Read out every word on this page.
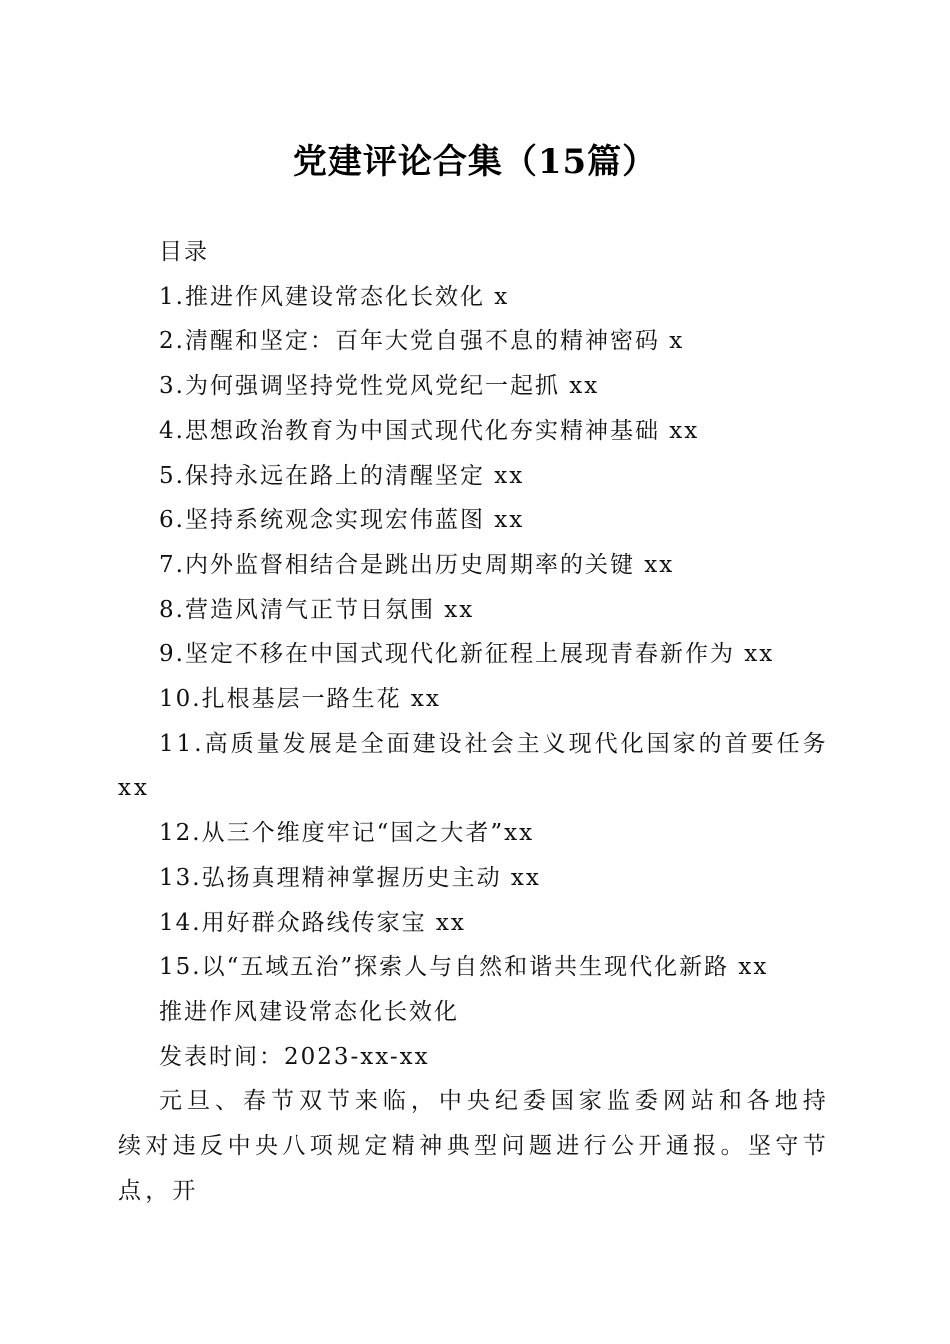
党建评论合集（15篇）
目录
1.推进作风建设常态化长效化 x
2.清醒和坚定：百年大党自强不息的精神密码 x
3.为何强调坚持党性党风党纪一起抓 xx
4.思想政治教育为中国式现代化夯实精神基础 xx
5.保持永远在路上的清醒坚定 xx
6.坚持系统观念实现宏伟蓝图 xx
7.内外监督相结合是跳出历史周期率的关键 xx
8.营造风清气正节日氛围 xx
9.坚定不移在中国式现代化新征程上展现青春新作为 xx
10.扎根基层一路生花 xx
11.高质量发展是全面建设社会主义现代化国家的首要任务 xx
12.从三个维度牢记“国之大者”xx
13.弘扬真理精神掌握历史主动 xx
14.用好群众路线传家宝 xx
15.以“五域五治”探索人与自然和谐共生现代化新路 xx
推进作风建设常态化长效化
发表时间：2023-xx-xx
元旦、春节双节来临，中央纪委国家监委网站和各地持续对违反中央八项规定精神典型问题进行公开通报。坚守节点，开
